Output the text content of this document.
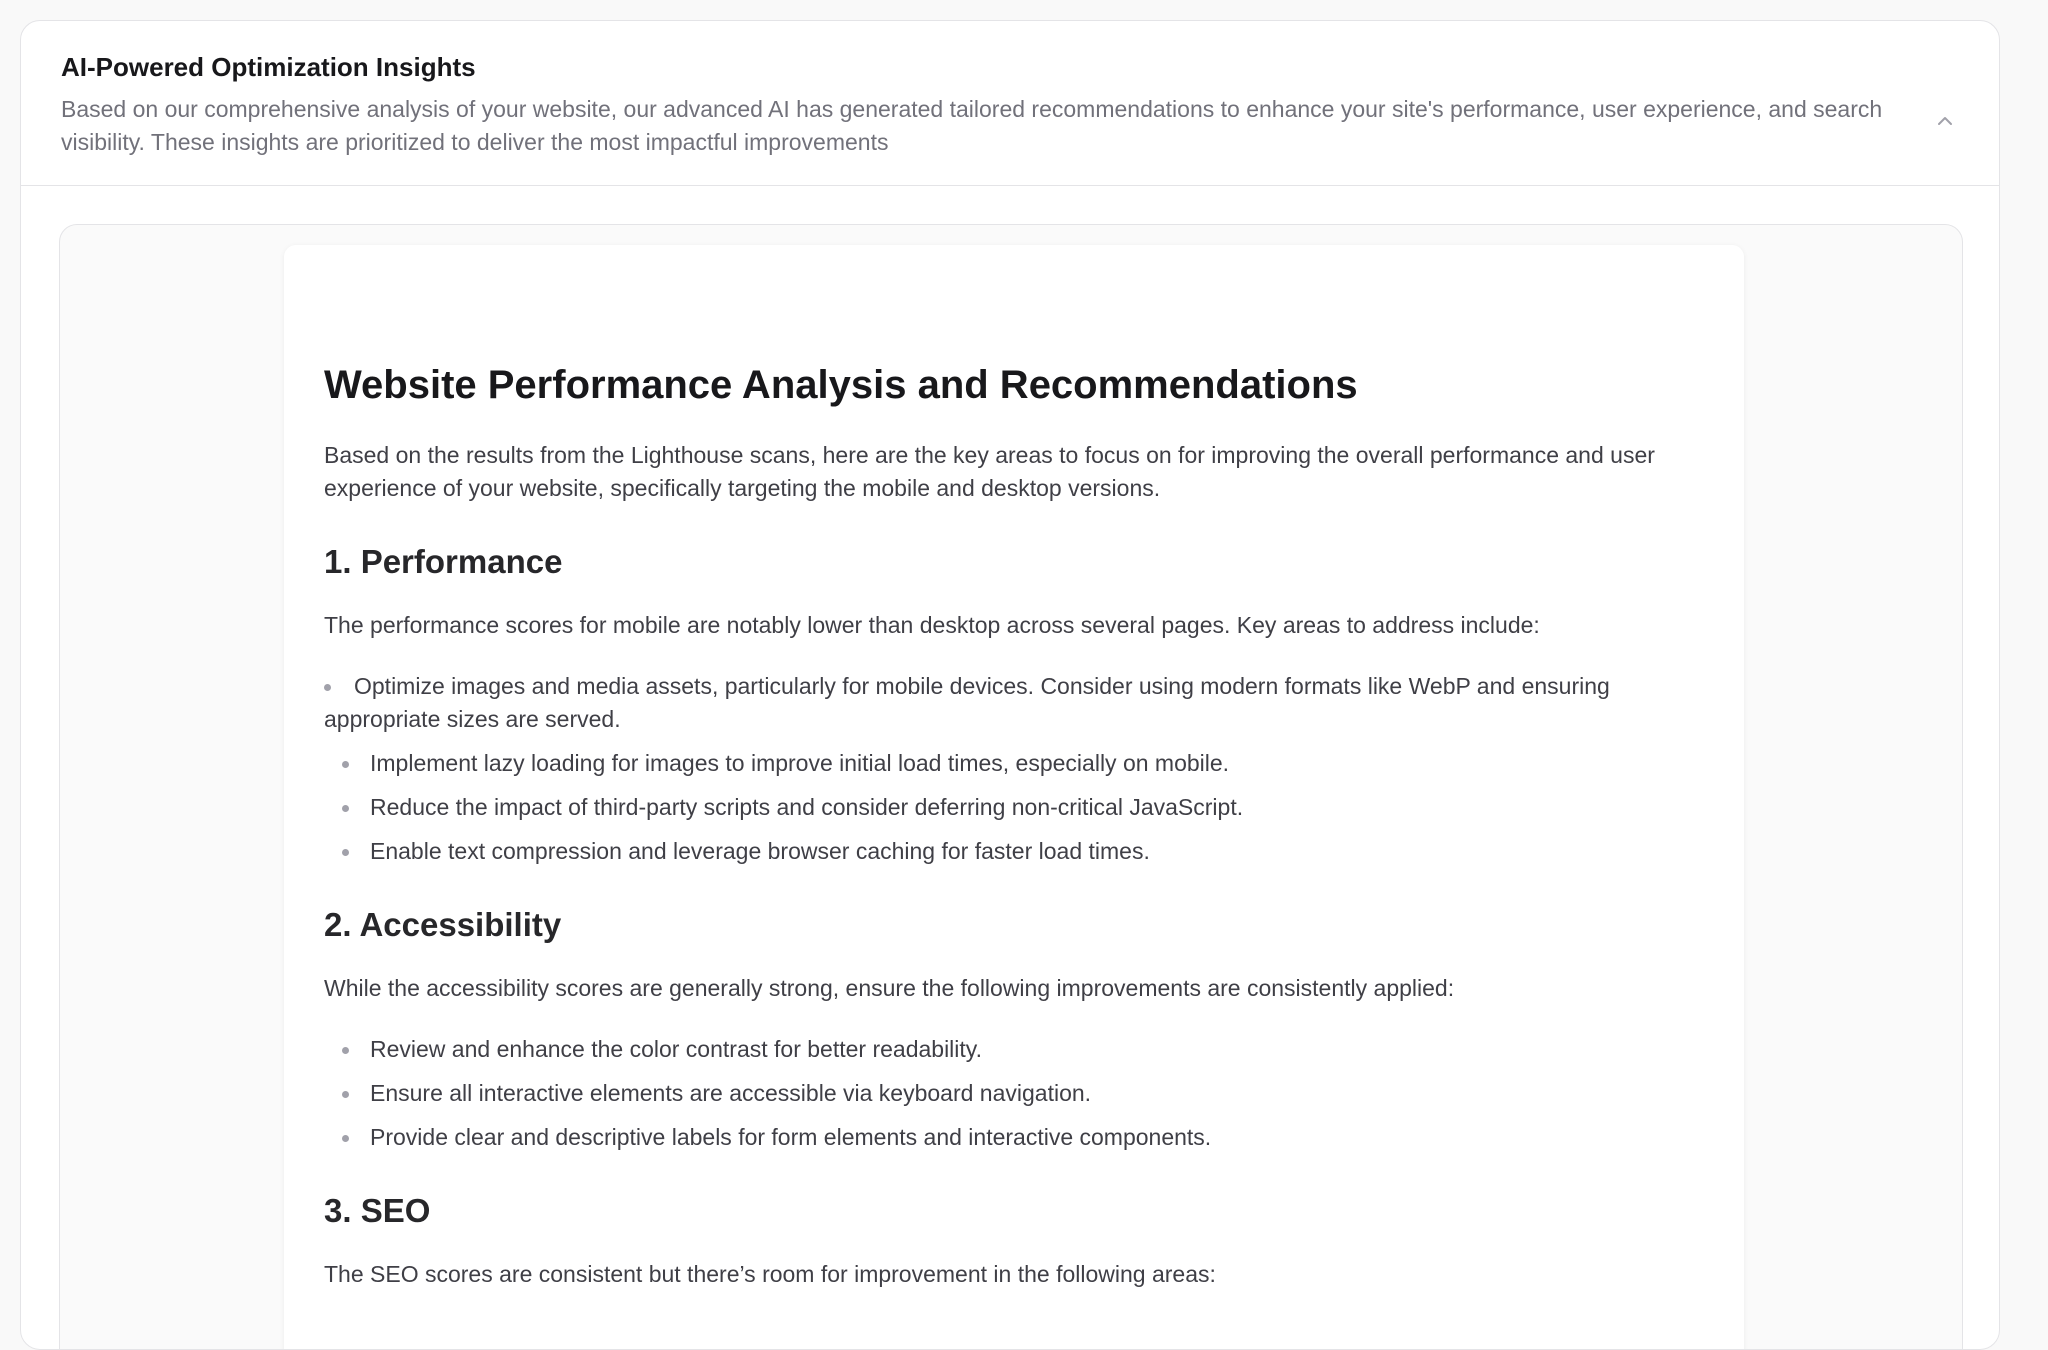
AI-Powered Optimization Insights

Based on our comprehensive analysis of your website, our advanced AI has generated tailored recommendations to enhance your site's performance, user experience, and search visibility. These insights are prioritized to deliver the most impactful improvements

Website Performance Analysis and Recommendations

Based on the results from the Lighthouse scans, here are the key areas to focus on for improving the overall performance and user experience of your website, specifically targeting the mobile and desktop versions.

1. Performance

The performance scores for mobile are notably lower than desktop across several pages. Key areas to address include:

Optimize images and media assets, particularly for mobile devices. Consider using modern formats like WebP and ensuring appropriate sizes are served.
Implement lazy loading for images to improve initial load times, especially on mobile.
Reduce the impact of third-party scripts and consider deferring non-critical JavaScript.
Enable text compression and leverage browser caching for faster load times.
2. Accessibility

While the accessibility scores are generally strong, ensure the following improvements are consistently applied:

Review and enhance the color contrast for better readability.
Ensure all interactive elements are accessible via keyboard navigation.
Provide clear and descriptive labels for form elements and interactive components.
3. SEO

The SEO scores are consistent but there’s room for improvement in the following areas:
